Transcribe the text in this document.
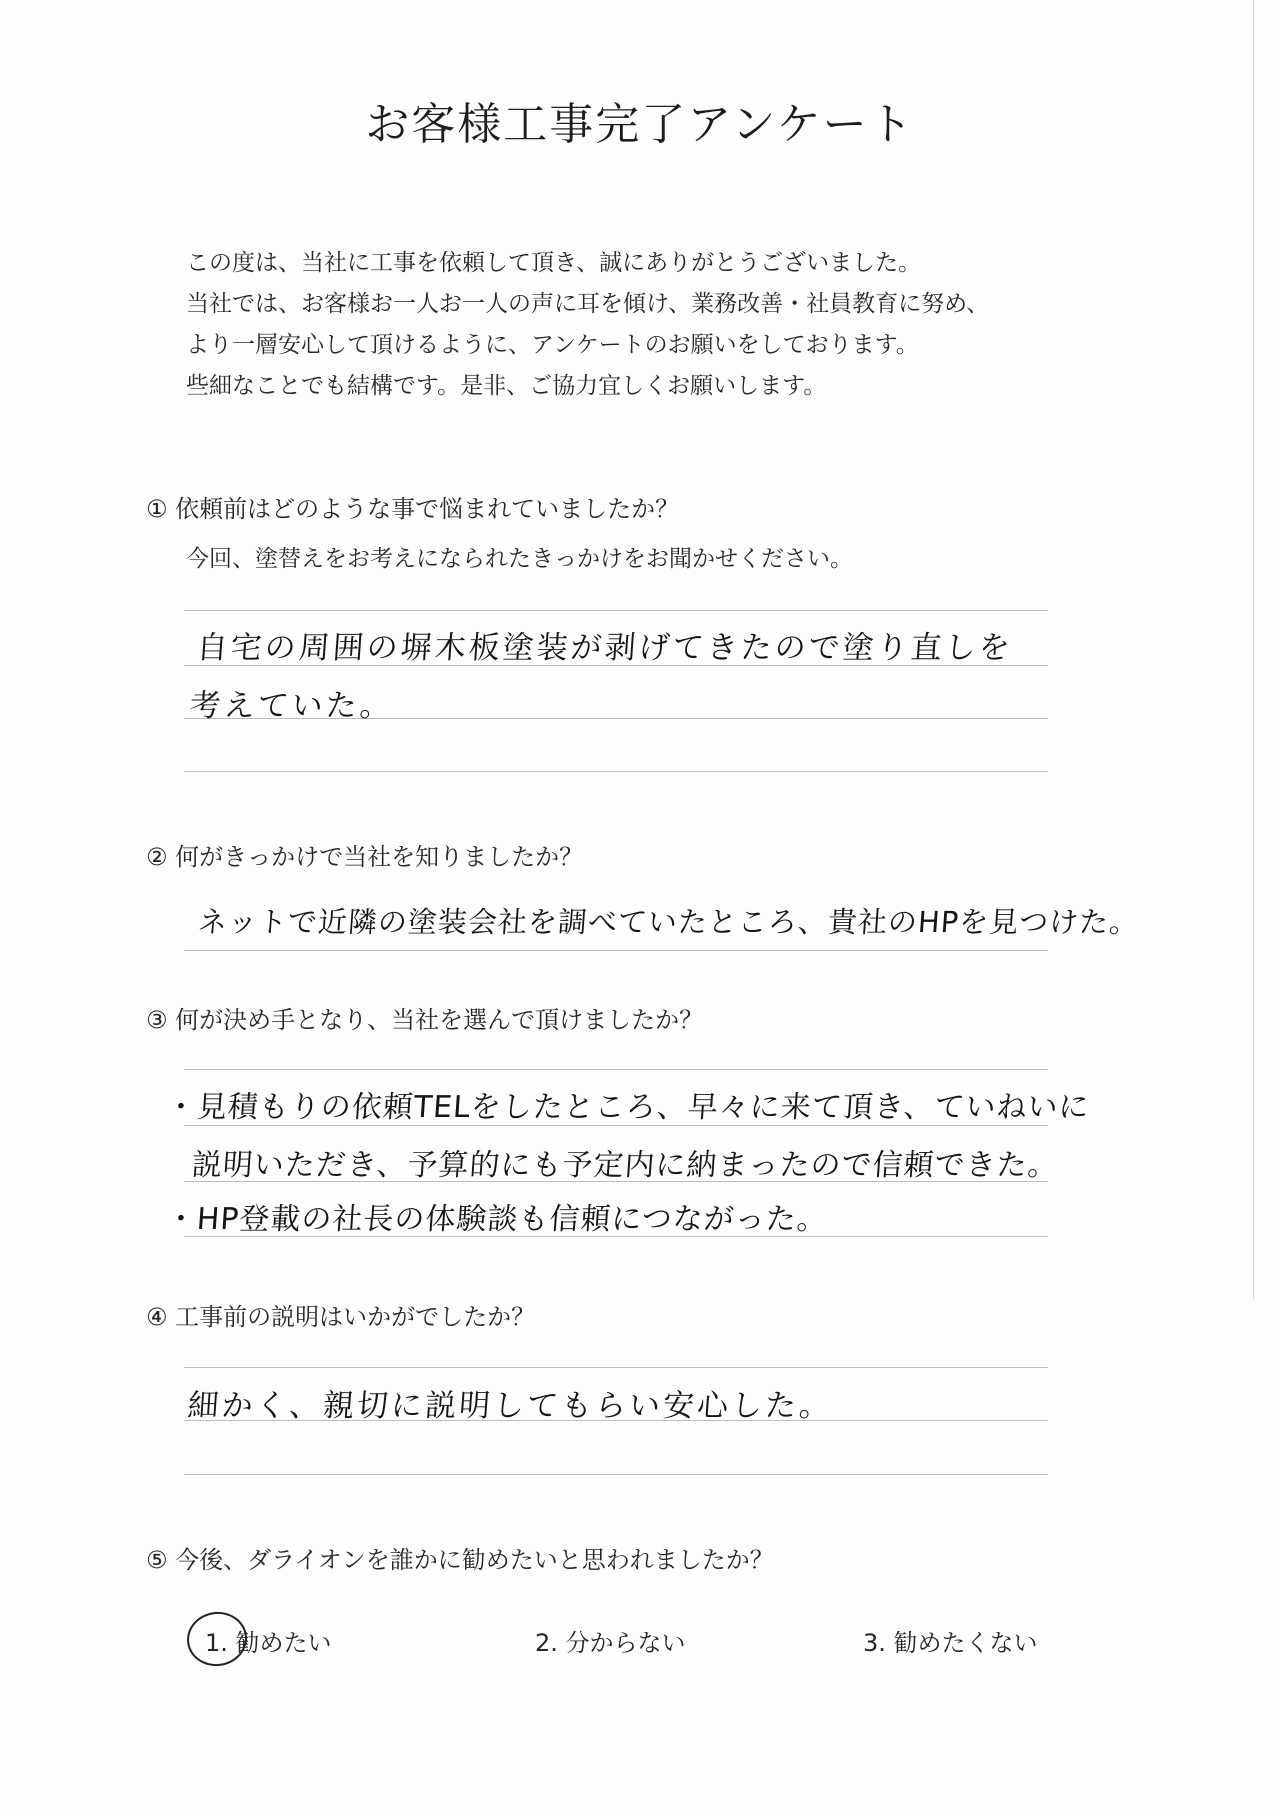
お客様工事完了アンケート
この度は、当社に工事を依頼して頂き、誠にありがとうございました。
当社では、お客様お一人お一人の声に耳を傾け、業務改善・社員教育に努め、
より一層安心して頂けるように、アンケートのお願いをしております。
些細なことでも結構です。是非、ご協力宜しくお願いします。
① 依頼前はどのような事で悩まれていましたか？
今回、塗替えをお考えになられたきっかけをお聞かせください。
自宅の周囲の塀木板塗装が剥げてきたので塗り直しを
考えていた。
② 何がきっかけで当社を知りましたか？
ネットで近隣の塗装会社を調べていたところ、貴社のHPを見つけた。
③ 何が決め手となり、当社を選んで頂けましたか？
・見積もりの依頼TELをしたところ、早々に来て頂き、ていねいに
説明いただき、予算的にも予定内に納まったので信頼できた。
・HP登載の社長の体験談も信頼につながった。
④ 工事前の説明はいかがでしたか？
細かく、親切に説明してもらい安心した。
⑤ 今後、ダライオンを誰かに勧めたいと思われましたか？
1. 勧めたい	2. 分からない	3. 勧めたくない
